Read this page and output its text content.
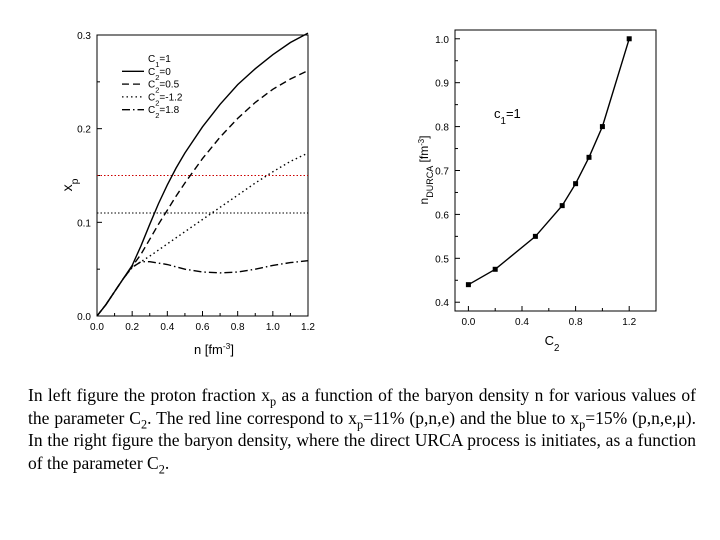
0.0 0.2 0.4 0.6 0.8 1.0 1.2
0.0
0.1
0.2
0.3
$C_1=1$
$C_2=0$
$C_2=0.5$
$C_2=-1.2$
$C_2=1.8$
$x_p$
n $[fm^{-3}]$
0.0	0.4	0.8	1.2
0.4
0.5
0.6
0.7
0.8
0.9
1.0
$c_1=1$
$n_{DURCA}$ $[fm^{-3}]$
$C_2$

In left figure the proton fraction $x_p$ as a function of the baryon density n for various values of the parameter $C_2$. The red line correspond to $x_p=11\%$ (p,n,e) and the blue to $x_p=15\%$ (p,n,e,μ). In the right figure the baryon density, where the direct URCA process is initiates, as a function of the parameter $C_2$.
